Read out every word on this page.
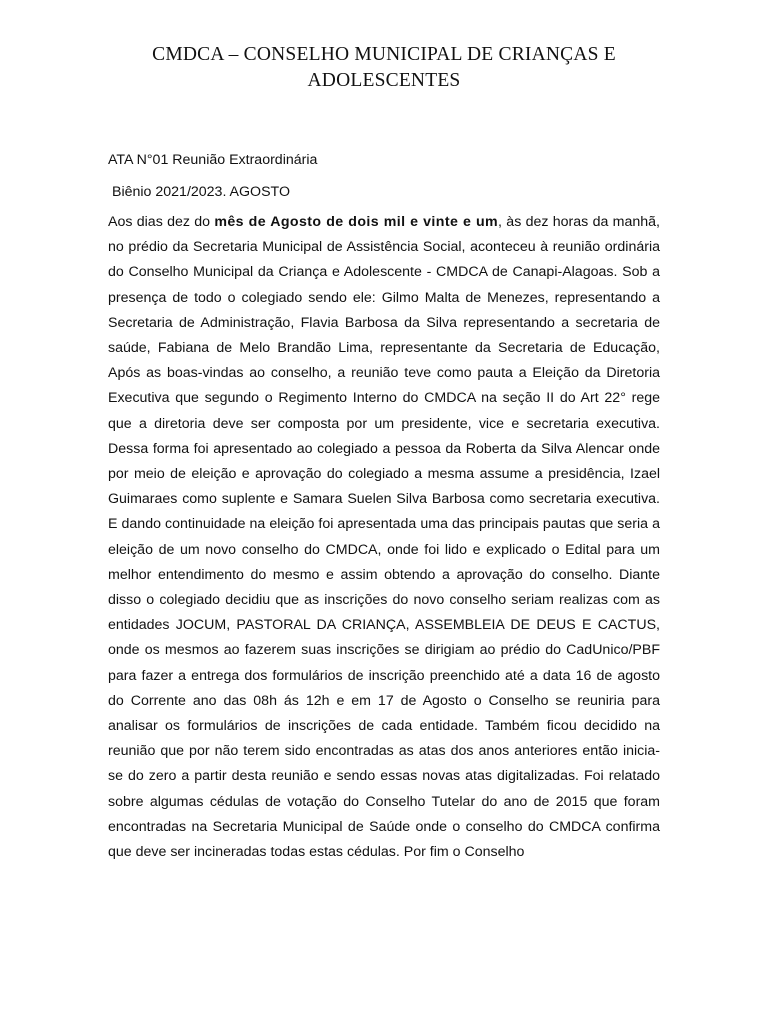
CMDCA – CONSELHO MUNICIPAL DE CRIANÇAS E
ADOLESCENTES

ATA N°01 Reunião Extraordinária

Biênio 2021/2023. AGOSTO

Aos dias dez do mês de Agosto de dois mil e vinte e um, às dez horas da manhã, no prédio da Secretaria Municipal de Assistência Social, aconteceu à reunião ordinária do Conselho Municipal da Criança e Adolescente - CMDCA de Canapi-Alagoas. Sob a presença de todo o colegiado sendo ele: Gilmo Malta de Menezes, representando a Secretaria de Administração, Flavia Barbosa da Silva representando a secretaria de saúde, Fabiana de Melo Brandão Lima, representante da Secretaria de Educação, Após as boas-vindas ao conselho, a reunião teve como pauta a Eleição da Diretoria Executiva que segundo o Regimento Interno do CMDCA na seção II do Art 22° rege que a diretoria deve ser composta por um presidente, vice e secretaria executiva. Dessa forma foi apresentado ao colegiado a pessoa da Roberta da Silva Alencar onde por meio de eleição e aprovação do colegiado a mesma assume a presidência, Izael Guimaraes como suplente e Samara Suelen Silva Barbosa como secretaria executiva. E dando continuidade na eleição foi apresentada uma das principais pautas que seria a eleição de um novo conselho do CMDCA, onde foi lido e explicado o Edital para um melhor entendimento do mesmo e assim obtendo a aprovação do conselho. Diante disso o colegiado decidiu que as inscrições do novo conselho seriam realizas com as entidades JOCUM, PASTORAL DA CRIANÇA, ASSEMBLEIA DE DEUS E CACTUS, onde os mesmos ao fazerem suas inscrições se dirigiam ao prédio do CadUnico/PBF para fazer a entrega dos formulários de inscrição preenchido até a data 16 de agosto do Corrente ano das 08h ás 12h e em 17 de Agosto o Conselho se reuniria para analisar os formulários de inscrições de cada entidade. Também ficou decidido na reunião que por não terem sido encontradas as atas dos anos anteriores então inicia-se do zero a partir desta reunião e sendo essas novas atas digitalizadas. Foi relatado sobre algumas cédulas de votação do Conselho Tutelar do ano de 2015 que foram encontradas na Secretaria Municipal de Saúde onde o conselho do CMDCA confirma que deve ser incineradas todas estas cédulas. Por fim o Conselho
